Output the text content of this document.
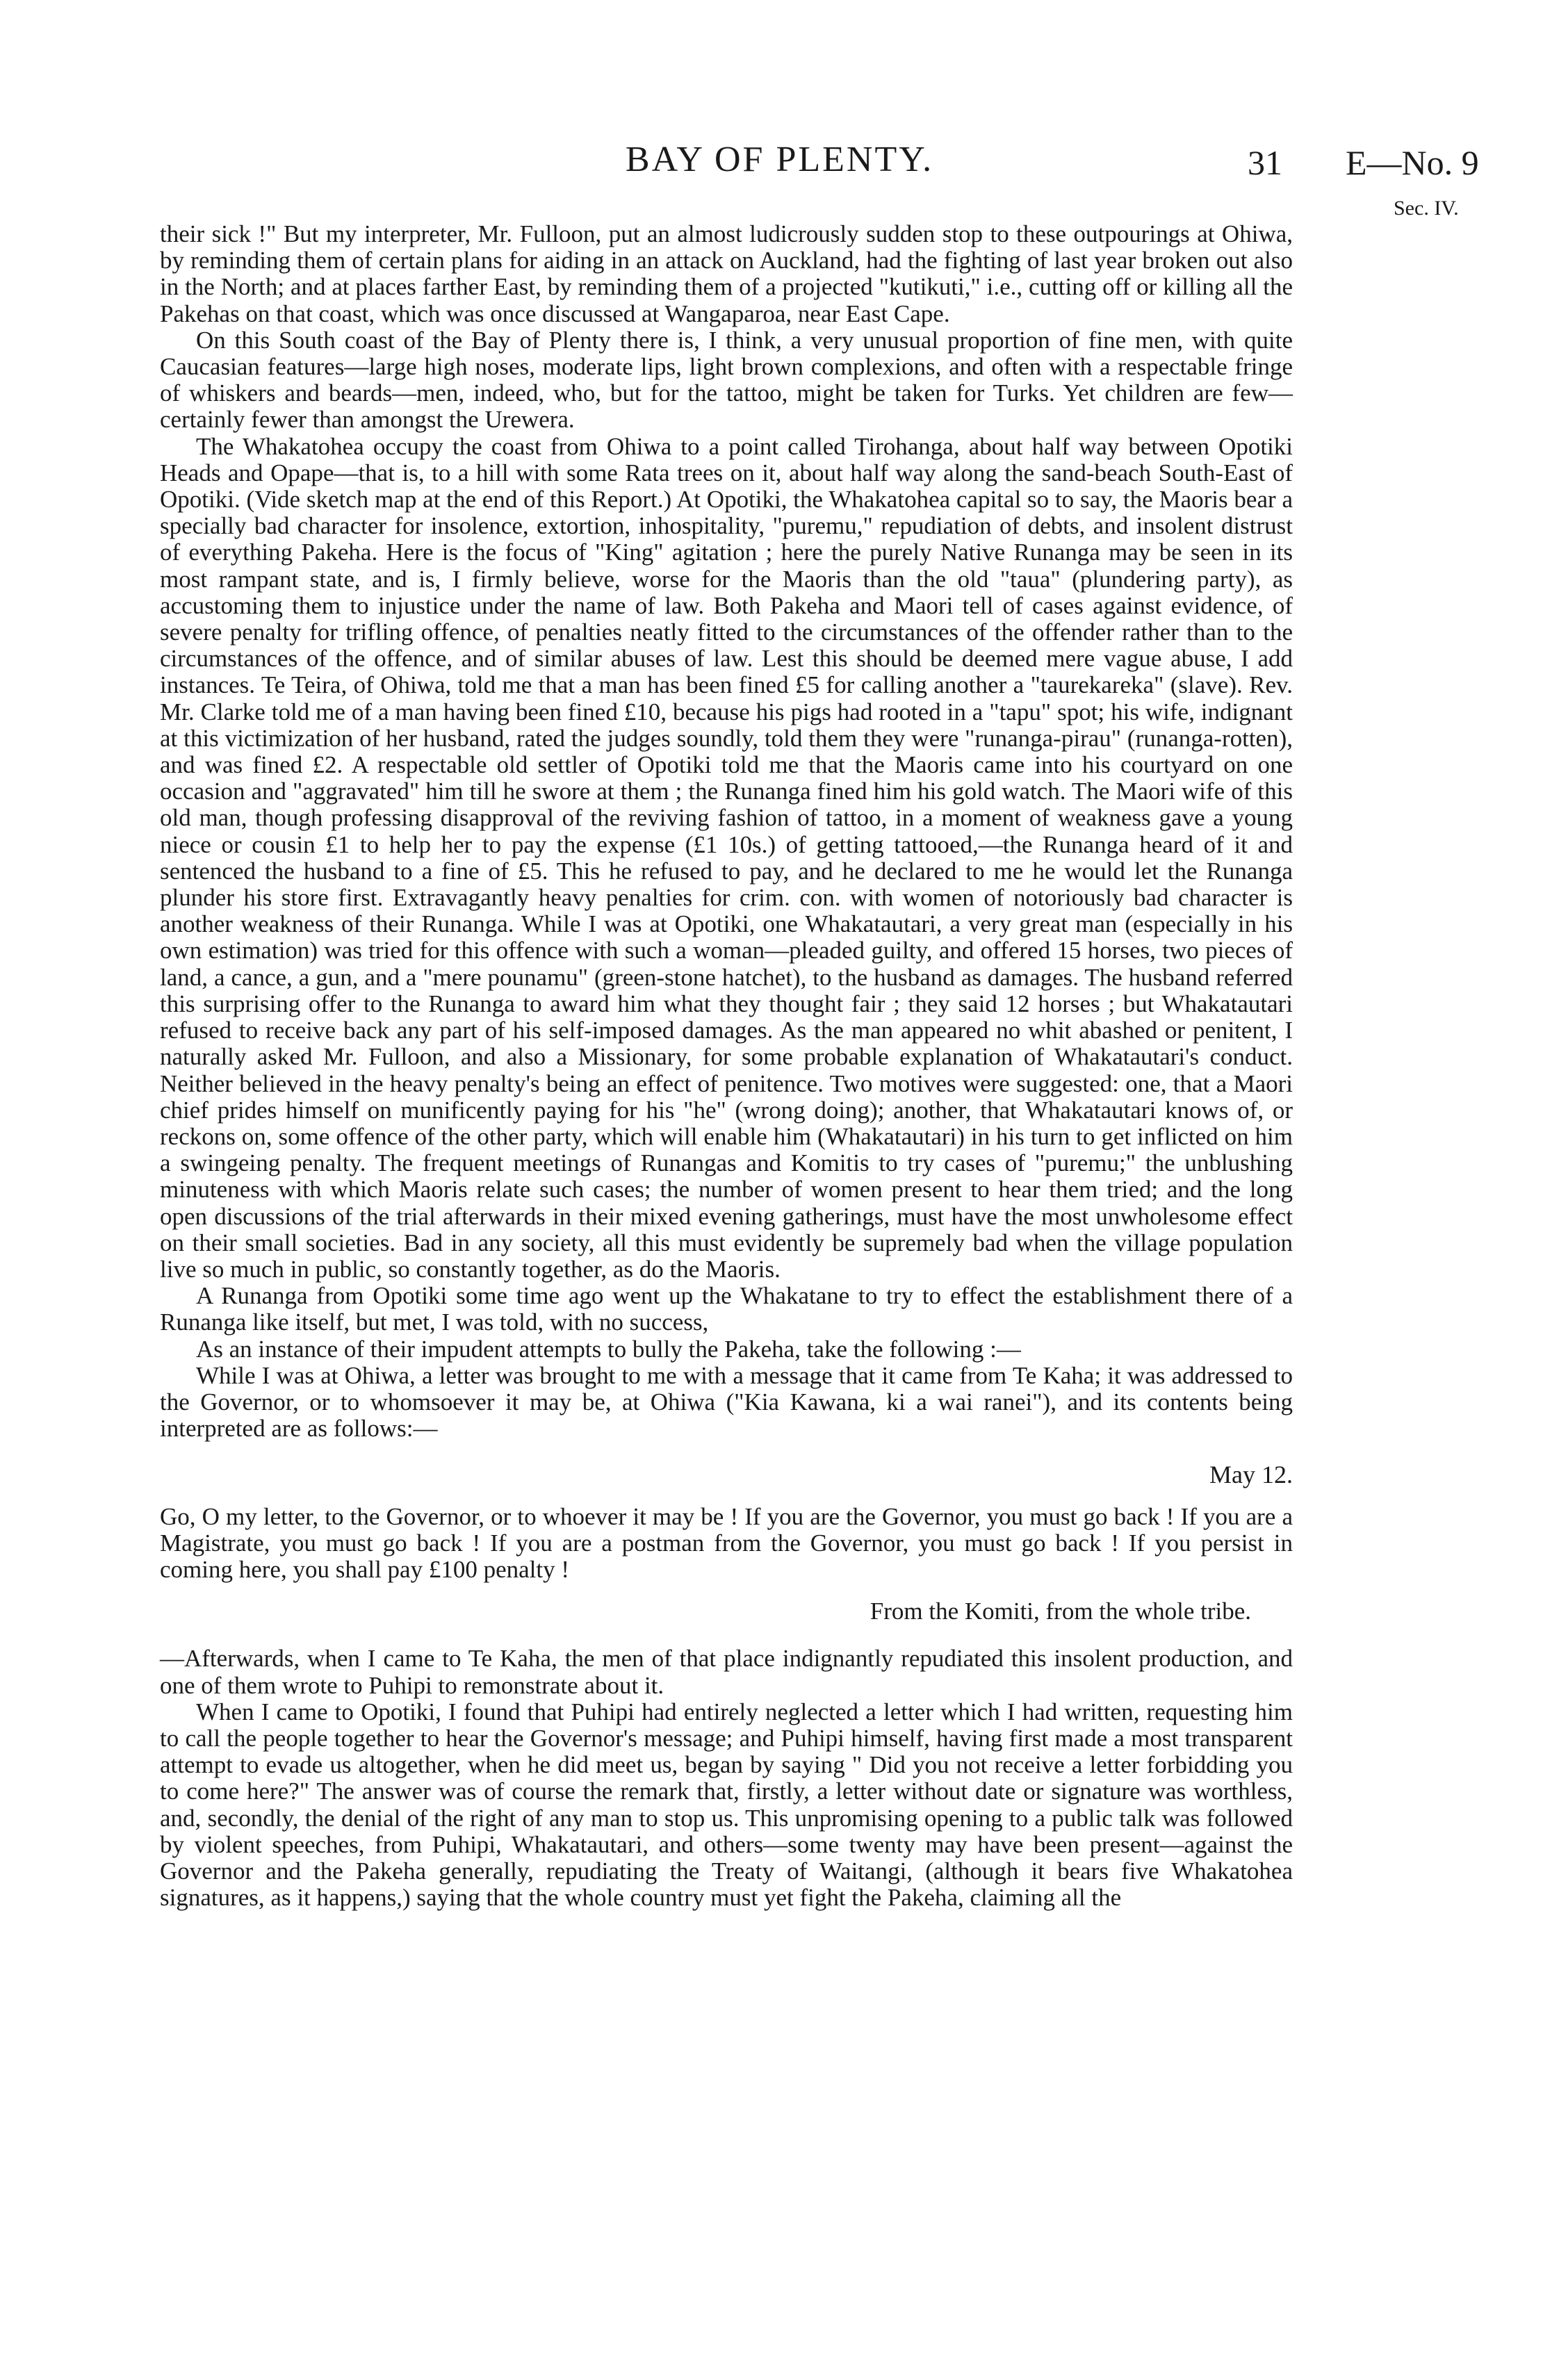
BAY OF PLENTY.	31 E—No. 9
Sec. IV.

their sick !" But my interpreter, Mr. Fulloon, put an almost ludicrously sudden stop to these outpourings at Ohiwa, by reminding them of certain plans for aiding in an attack on Auckland, had the fighting of last year broken out also in the North; and at places farther East, by reminding them of a projected "kutikuti," i.e., cutting off or killing all the Pakehas on that coast, which was once discussed at Wangaparoa, near East Cape.

On this South coast of the Bay of Plenty there is, I think, a very unusual proportion of fine men, with quite Caucasian features—large high noses, moderate lips, light brown complexions, and often with a respectable fringe of whiskers and beards—men, indeed, who, but for the tattoo, might be taken for Turks. Yet children are few—certainly fewer than amongst the Urewera.

The Whakatohea occupy the coast from Ohiwa to a point called Tirohanga, about half way between Opotiki Heads and Opape—that is, to a hill with some Rata trees on it, about half way along the sand-beach South-East of Opotiki. (Vide sketch map at the end of this Report.) At Opotiki, the Whakatohea capital so to say, the Maoris bear a specially bad character for insolence, extortion, inhospitality, "puremu," repudiation of debts, and insolent distrust of everything Pakeha. Here is the focus of "King" agitation ; here the purely Native Runanga may be seen in its most rampant state, and is, I firmly believe, worse for the Maoris than the old "taua" (plundering party), as accustoming them to injustice under the name of law. Both Pakeha and Maori tell of cases against evidence, of severe penalty for trifling offence, of penalties neatly fitted to the circumstances of the offender rather than to the circumstances of the offence, and of similar abuses of law. Lest this should be deemed mere vague abuse, I add instances. Te Teira, of Ohiwa, told me that a man has been fined £5 for calling another a "taurekareka" (slave). Rev. Mr. Clarke told me of a man having been fined £10, because his pigs had rooted in a "tapu" spot; his wife, indignant at this victimization of her husband, rated the judges soundly, told them they were "runanga-pirau" (runanga-rotten), and was fined £2. A respectable old settler of Opotiki told me that the Maoris came into his courtyard on one occasion and "aggravated" him till he swore at them ; the Runanga fined him his gold watch. The Maori wife of this old man, though professing disapproval of the reviving fashion of tattoo, in a moment of weakness gave a young niece or cousin £1 to help her to pay the expense (£1 10s.) of getting tattooed,—the Runanga heard of it and sentenced the husband to a fine of £5. This he refused to pay, and he declared to me he would let the Runanga plunder his store first. Extravagantly heavy penalties for crim. con. with women of notoriously bad character is another weakness of their Runanga. While I was at Opotiki, one Whakatautari, a very great man (especially in his own estimation) was tried for this offence with such a woman—pleaded guilty, and offered 15 horses, two pieces of land, a cance, a gun, and a "mere pounamu" (green-stone hatchet), to the husband as damages. The husband referred this surprising offer to the Runanga to award him what they thought fair ; they said 12 horses ; but Whakatautari refused to receive back any part of his self-imposed damages. As the man appeared no whit abashed or penitent, I naturally asked Mr. Fulloon, and also a Missionary, for some probable explanation of Whakatautari's conduct. Neither believed in the heavy penalty's being an effect of penitence. Two motives were suggested: one, that a Maori chief prides himself on munificently paying for his "he" (wrong doing); another, that Whakatautari knows of, or reckons on, some offence of the other party, which will enable him (Whakatautari) in his turn to get inflicted on him a swingeing penalty. The frequent meetings of Runangas and Komitis to try cases of "puremu;" the unblushing minuteness with which Maoris relate such cases; the number of women present to hear them tried; and the long open discussions of the trial afterwards in their mixed evening gatherings, must have the most unwholesome effect on their small societies. Bad in any society, all this must evidently be supremely bad when the village population live so much in public, so constantly together, as do the Maoris.

A Runanga from Opotiki some time ago went up the Whakatane to try to effect the establishment there of a Runanga like itself, but met, I was told, with no success,

As an instance of their impudent attempts to bully the Pakeha, take the following :—

While I was at Ohiwa, a letter was brought to me with a message that it came from Te Kaha; it was addressed to the Governor, or to whomsoever it may be, at Ohiwa ("Kia Kawana, ki a wai ranei"), and its contents being interpreted are as follows:—

May 12.

Go, O my letter, to the Governor, or to whoever it may be ! If you are the Governor, you must go back ! If you are a Magistrate, you must go back ! If you are a postman from the Governor, you must go back ! If you persist in coming here, you shall pay £100 penalty !

From the Komiti, from the whole tribe.

—Afterwards, when I came to Te Kaha, the men of that place indignantly repudiated this insolent production, and one of them wrote to Puhipi to remonstrate about it.

When I came to Opotiki, I found that Puhipi had entirely neglected a letter which I had written, requesting him to call the people together to hear the Governor's message; and Puhipi himself, having first made a most transparent attempt to evade us altogether, when he did meet us, began by saying " Did you not receive a letter forbidding you to come here?" The answer was of course the remark that, firstly, a letter without date or signature was worthless, and, secondly, the denial of the right of any man to stop us. This unpromising opening to a public talk was followed by violent speeches, from Puhipi, Whakatautari, and others—some twenty may have been present—against the Governor and the Pakeha generally, repudiating the Treaty of Waitangi, (although it bears five Whakatohea signatures, as it happens,) saying that the whole country must yet fight the Pakeha, claiming all the
